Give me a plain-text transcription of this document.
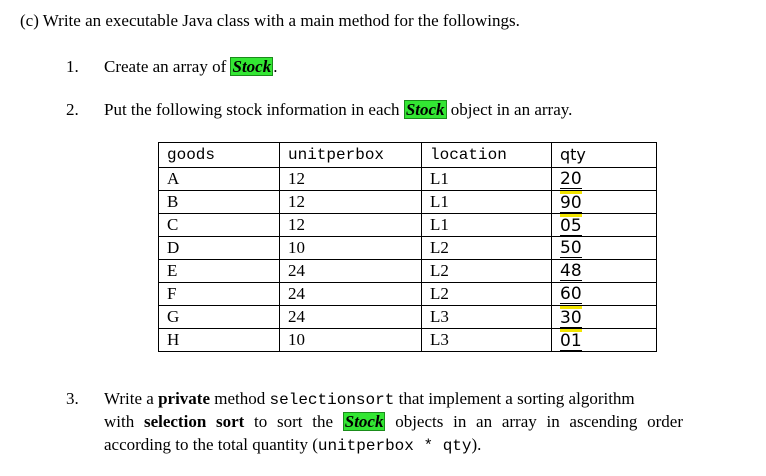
(c) Write an executable Java class with a main method for the followings.
1. Create an array of Stock .
2. Put the following stock information in each Stock object in an array.
goods	unitperbox	location	qty
A	12	L1	20
B	12	L1	90
C	12	L1	05
D	10	L2	50
E	24	L2	48
F	24	L2	60
G	24	L3	30
H	10	L3	01
3. Write a private method selectionsort that implement a sorting algorithm
with selection sort to sort the Stock objects in an array in ascending order
according to the total quantity (unitperbox * qty).
